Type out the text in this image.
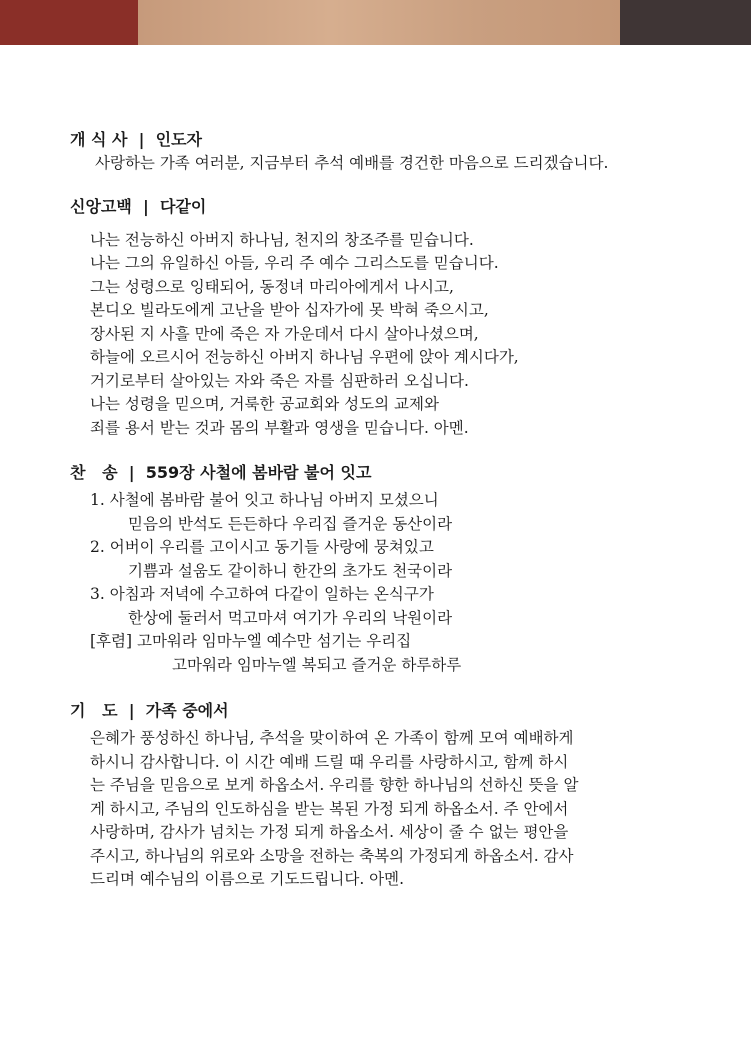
개 식 사  |  인도자
사랑하는 가족 여러분, 지금부터 추석 예배를 경건한 마음으로 드리겠습니다.
신앙고백  |  다같이
나는 전능하신 아버지 하나님, 천지의 창조주를 믿습니다.
나는 그의 유일하신 아들, 우리 주 예수 그리스도를 믿습니다.
그는 성령으로 잉태되어, 동정녀 마리아에게서 나시고,
본디오 빌라도에게 고난을 받아 십자가에 못 박혀 죽으시고,
장사된 지 사흘 만에 죽은 자 가운데서 다시 살아나셨으며,
하늘에 오르시어 전능하신 아버지 하나님 우편에 앉아 계시다가,
거기로부터 살아있는 자와 죽은 자를 심판하러 오십니다.
나는 성령을 믿으며, 거룩한 공교회와 성도의 교제와
죄를 용서 받는 것과 몸의 부활과 영생을 믿습니다. 아멘.
찬   송  |  559장 사철에 봄바람 불어 잇고
1. 사철에 봄바람 불어 잇고 하나님 아버지 모셨으니
믿음의 반석도 든든하다 우리집 즐거운 동산이라
2. 어버이 우리를 고이시고 동기들 사랑에 뭉쳐있고
기쁨과 설움도 같이하니 한간의 초가도 천국이라
3. 아침과 저녁에 수고하여 다같이 일하는 온식구가
한상에 둘러서 먹고마셔 여기가 우리의 낙원이라
[후렴] 고마워라 임마누엘 예수만 섬기는 우리집
고마워라 임마누엘 복되고 즐거운 하루하루
기   도  |  가족 중에서
은혜가 풍성하신 하나님, 추석을 맞이하여 온 가족이 함께 모여 예배하게
하시니 감사합니다. 이 시간 예배 드릴 때 우리를 사랑하시고, 함께 하시
는 주님을 믿음으로 보게 하옵소서. 우리를 향한 하나님의 선하신 뜻을 알
게 하시고, 주님의 인도하심을 받는 복된 가정 되게 하옵소서. 주 안에서
사랑하며, 감사가 넘치는 가정 되게 하옵소서. 세상이 줄 수 없는 평안을
주시고, 하나님의 위로와 소망을 전하는 축복의 가정되게 하옵소서. 감사
드리며 예수님의 이름으로 기도드립니다. 아멘.
